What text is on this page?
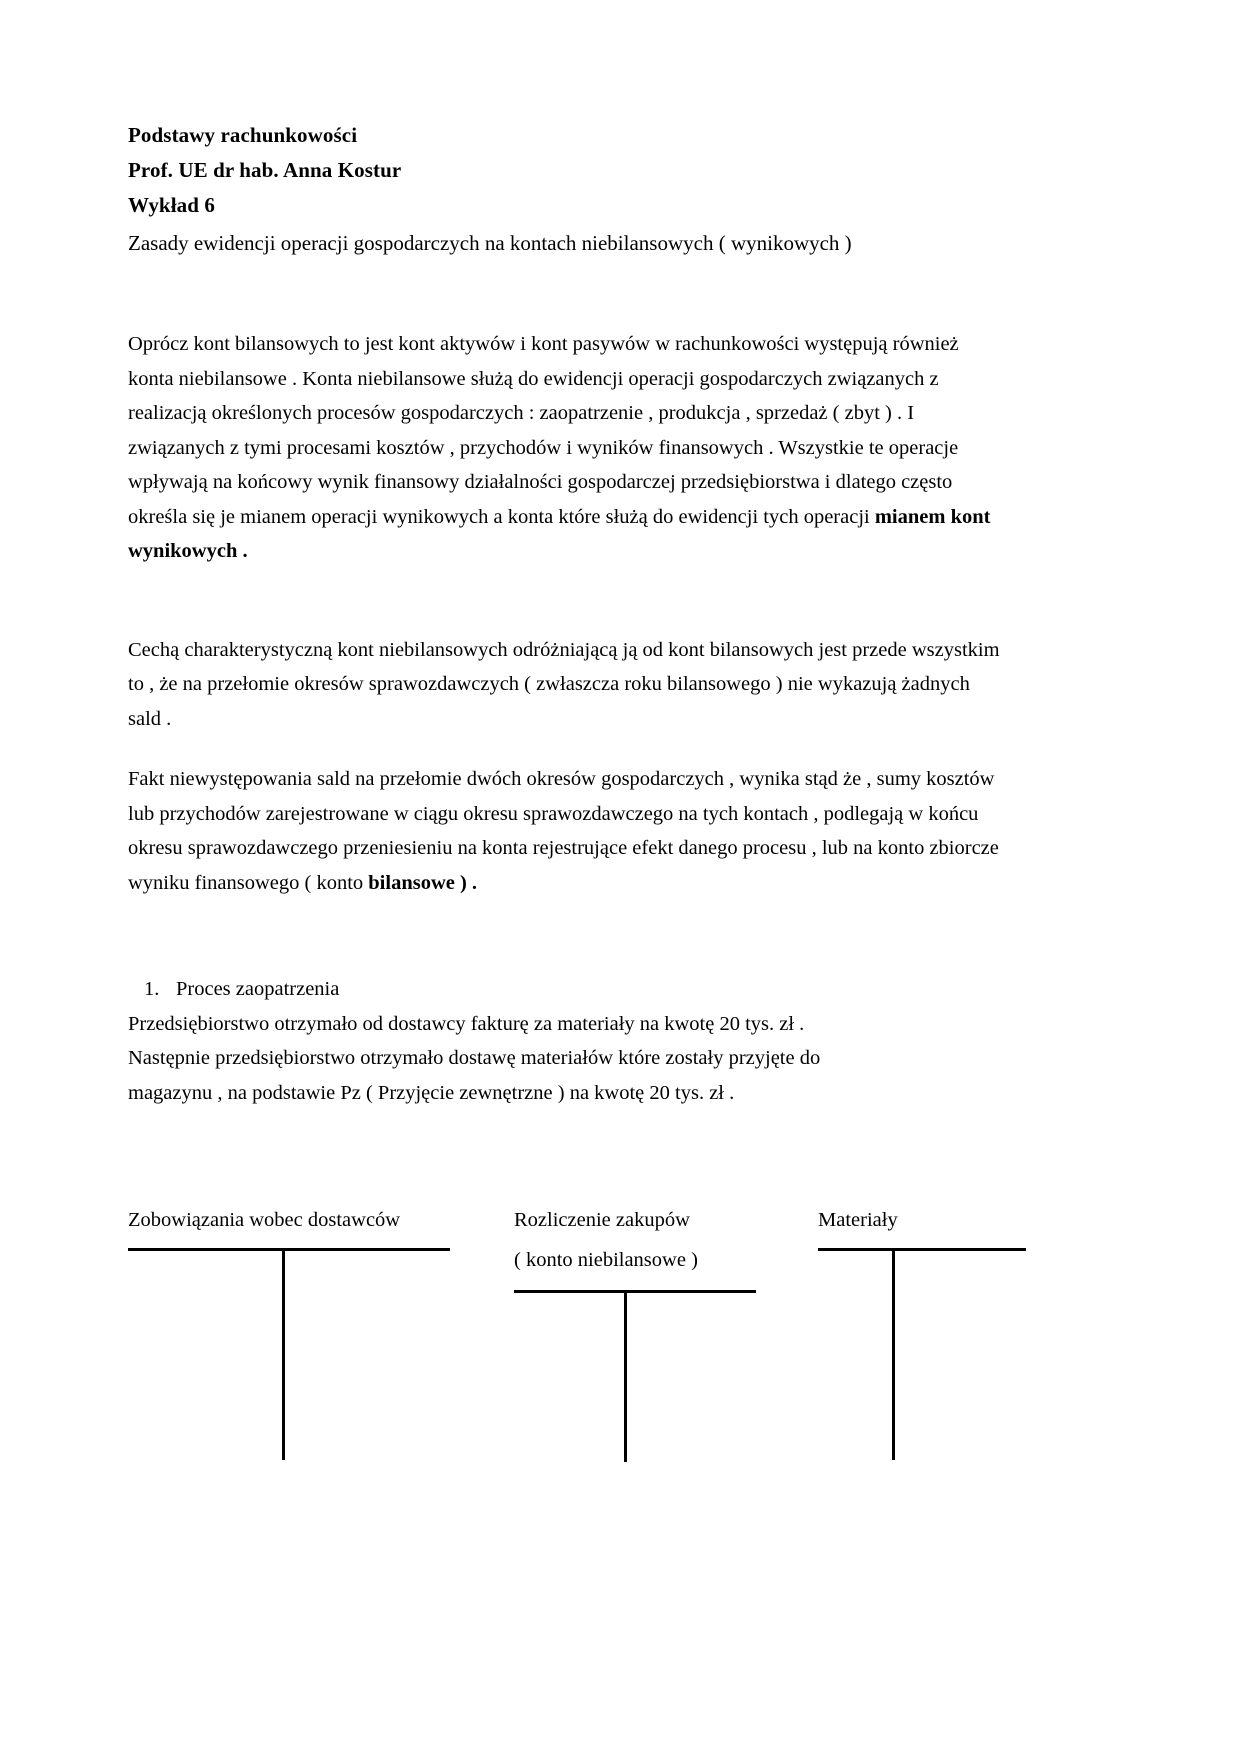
Podstawy rachunkowości
Prof. UE dr hab. Anna Kostur
Wykład 6
Zasady ewidencji operacji gospodarczych na kontach niebilansowych ( wynikowych )

Oprócz kont bilansowych to jest kont aktywów i kont pasywów w rachunkowości występują również konta niebilansowe . Konta niebilansowe służą do ewidencji operacji gospodarczych związanych z realizacją określonych procesów gospodarczych : zaopatrzenie , produkcja , sprzedaż ( zbyt ) . I związanych z tymi procesami kosztów , przychodów i wyników finansowych . Wszystkie te operacje wpływają na końcowy wynik finansowy działalności gospodarczej przedsiębiorstwa i dlatego często określa się je mianem operacji wynikowych a konta które służą do ewidencji tych operacji mianem kont wynikowych .

Cechą charakterystyczną kont niebilansowych odróżniającą ją od kont bilansowych jest przede wszystkim to , że na przełomie okresów sprawozdawczych ( zwłaszcza roku bilansowego ) nie wykazują żadnych sald .

Fakt niewystępowania sald na przełomie dwóch okresów gospodarczych , wynika stąd że , sumy kosztów lub przychodów zarejestrowane w ciągu okresu sprawozdawczego na tych kontach , podlegają w końcu okresu sprawozdawczego przeniesieniu na konta rejestrujące efekt danego procesu , lub na konto zbiorcze wyniku finansowego ( konto bilansowe ) .

1. Proces zaopatrzenia
Przedsiębiorstwo otrzymało od dostawcy fakturę za materiały na kwotę 20 tys. zł .
Następnie przedsiębiorstwo otrzymało dostawę materiałów które zostały przyjęte do
magazynu , na podstawie Pz ( Przyjęcie zewnętrzne ) na kwotę 20 tys. zł .
Zobowiązania wobec dostawców	Rozliczenie zakupów
( konto niebilansowe )
Materiały
